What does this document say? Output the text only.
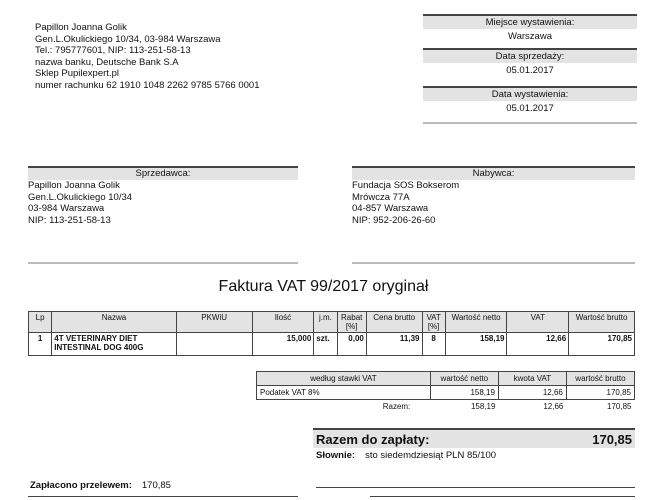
Papillon Joanna Golik
Gen.L.Okulickiego 10/34, 03-984 Warszawa
Tel.: 795777601, NIP: 113-251-58-13
nazwa banku, Deutsche Bank S.A
Sklep Pupilexpert.pl
numer rachunku 62 1910 1048 2262 9785 5766 0001
Miejsce wystawienia:
Warszawa
Data sprzedaży:
05.01.2017
Data wystawienia:
05.01.2017
Sprzedawca:
Papillon Joanna Golik
Gen.L.Okulickiego 10/34
03-984 Warszawa
NIP: 113-251-58-13
Nabywca:
Fundacja SOS Bokserom
Mrówcza 77A
04-857 Warszawa
NIP: 952-206-26-60
Faktura VAT 99/2017 oryginał
Lp	Nazwa	PKWiU	Ilość	j.m.	Rabat [%]	Cena brutto	VAT [%]	Wartość netto	VAT	Wartość brutto
1	4T VETERINARY DIET INTESTINAL DOG 400G		15,000	szt.	0,00	11,39	8	158,19	12,66	170,85
według stawki VAT	wartość netto	kwota VAT	wartość brutto
Podatek VAT 8%	158,19	12,66	170,85
Razem:	158,19	12,66	170,85
Razem do zapłaty:	170,85
Słownie: sto siedemdziesiąt PLN 85/100
Zapłacono przelewem: 170,85
